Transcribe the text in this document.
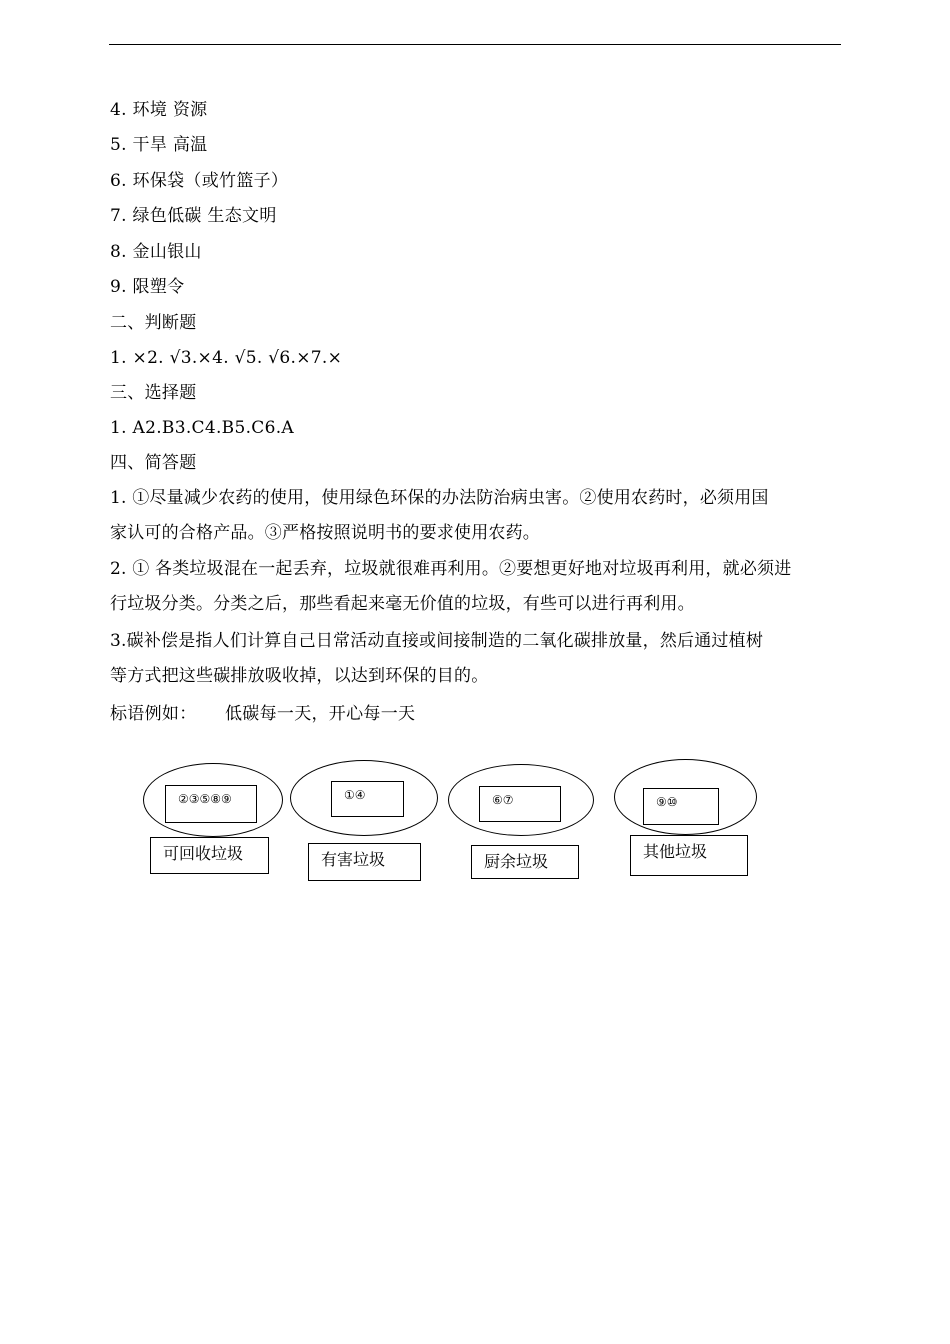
4. 环境 资源
5. 干旱 高温
6. 环保袋（或竹篮子）
7. 绿色低碳 生态文明
8. 金山银山
9. 限塑令
二、判断题
1. ×2. √3.×4. √5. √6.×7.×
三、选择题
1. A2.B3.C4.B5.C6.A
四、简答题
1. ①尽量减少农药的使用，使用绿色环保的办法防治病虫害。②使用农药时，必须用国
家认可的合格产品。③严格按照说明书的要求使用农药。
2. ① 各类垃圾混在一起丢弃，垃圾就很难再利用。②要想更好地对垃圾再利用，就必须进
行垃圾分类。分类之后，那些看起来毫无价值的垃圾，有些可以进行再利用。
3.碳补偿是指人们计算自己日常活动直接或间接制造的二氧化碳排放量，然后通过植树
等方式把这些碳排放吸收掉，以达到环保的目的。
标语例如： 低碳每一天，开心每一天
②③⑤⑧⑨
可回收垃圾
①④
有害垃圾
⑥⑦
厨余垃圾
⑨⑩
其他垃圾
